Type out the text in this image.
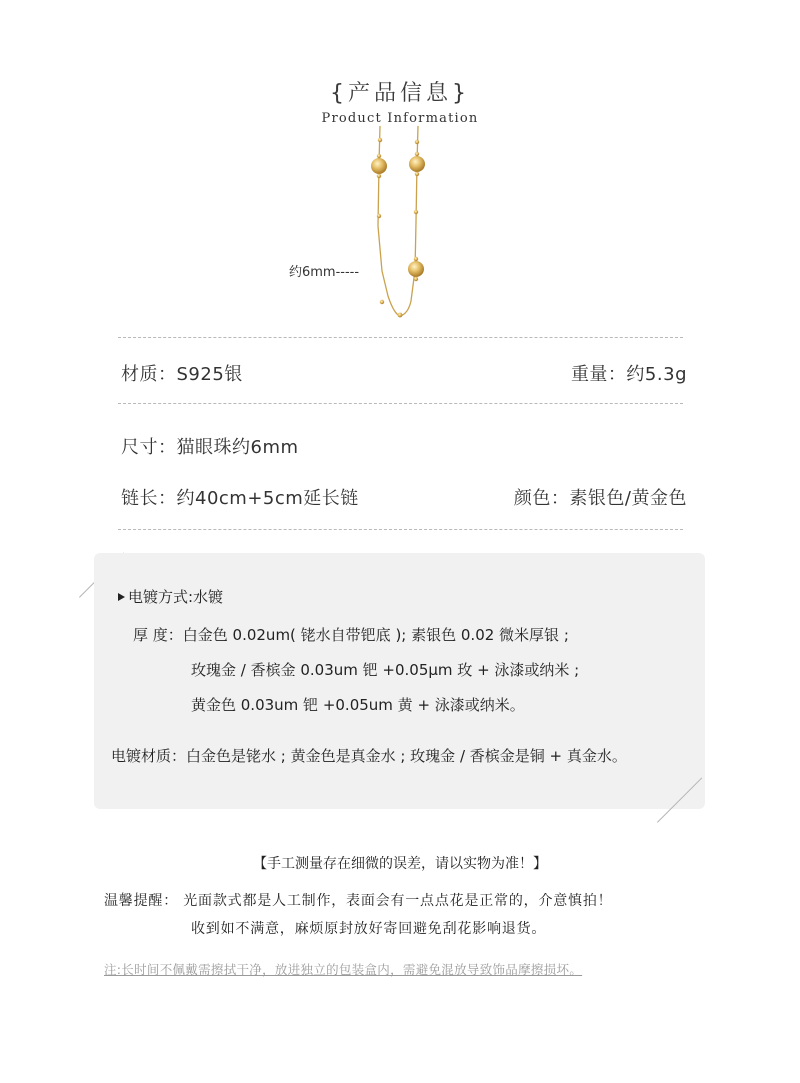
{产品信息}
Product Information
约6mm-----
材质：S925银	重量：约5.3g
尺寸：猫眼珠约6mm
链长：约40cm+5cm延长链	颜色：素银色/黄金色
电镀方式:水镀
厚 度：白金色 0.02um( 铑水自带钯底 ); 素银色 0.02 微米厚银 ;
玫瑰金 / 香槟金 0.03um 钯 +0.05μm 玫 + 泳漆或纳米 ;
黄金色 0.03um 钯 +0.05um 黄 + 泳漆或纳米。
电镀材质：白金色是铑水 ; 黄金色是真金水 ; 玫瑰金 / 香槟金是铜 + 真金水。
【手工测量存在细微的误差，请以实物为准！】
温馨提醒： 光面款式都是人工制作，表面会有一点点花是正常的，介意慎拍！
收到如不满意，麻烦原封放好寄回避免刮花影响退货。
注:长时间不佩戴需擦拭干净，放进独立的包装盒内，需避免混放导致饰品摩擦损坏。
